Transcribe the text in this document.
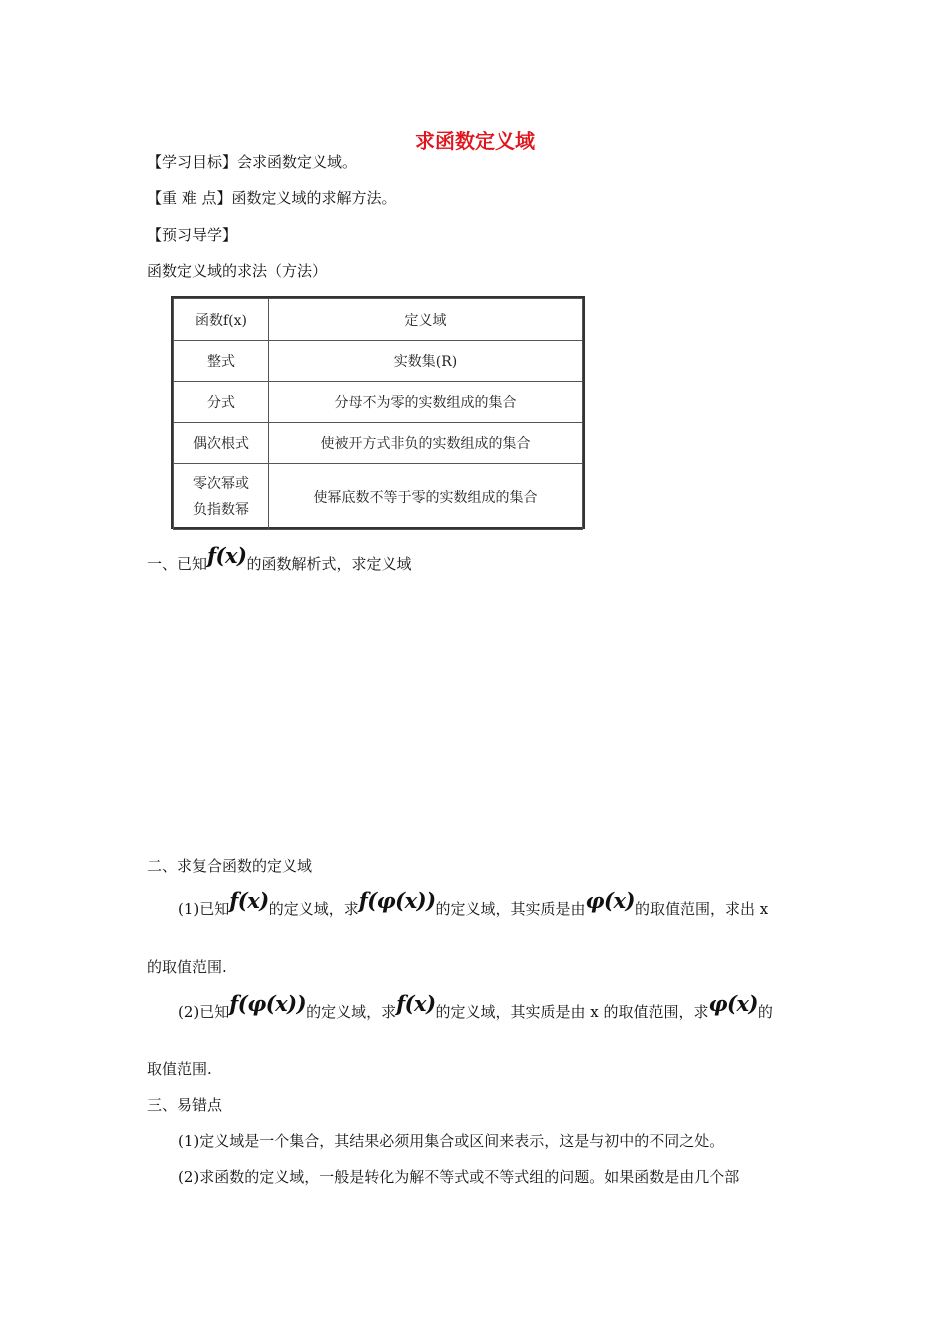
求函数定义域
【学习目标】会求函数定义域。
【重 难 点】函数定义域的求解方法。
【预习导学】
函数定义域的求法（方法）
函数f(x)	定义域
整式	实数集(R)
分式	分母不为零的实数组成的集合
偶次根式	使被开方式非负的实数组成的集合

零次幂或
负指数幂	使幂底数不等于零的实数组成的集合
一、已知f(x)的函数解析式，求定义域
二、求复合函数的定义域
(1)已知f(x)的定义域，求f(φ(x))的定义域，其实质是由φ(x)的取值范围，求出 x
的取值范围.
(2)已知f(φ(x))的定义域，求f(x)的定义域，其实质是由 x 的取值范围，求φ(x)的
取值范围.
三、易错点
(1)定义域是一个集合，其结果必须用集合或区间来表示，这是与初中的不同之处。
(2)求函数的定义域，一般是转化为解不等式或不等式组的问题。如果函数是由几个部
